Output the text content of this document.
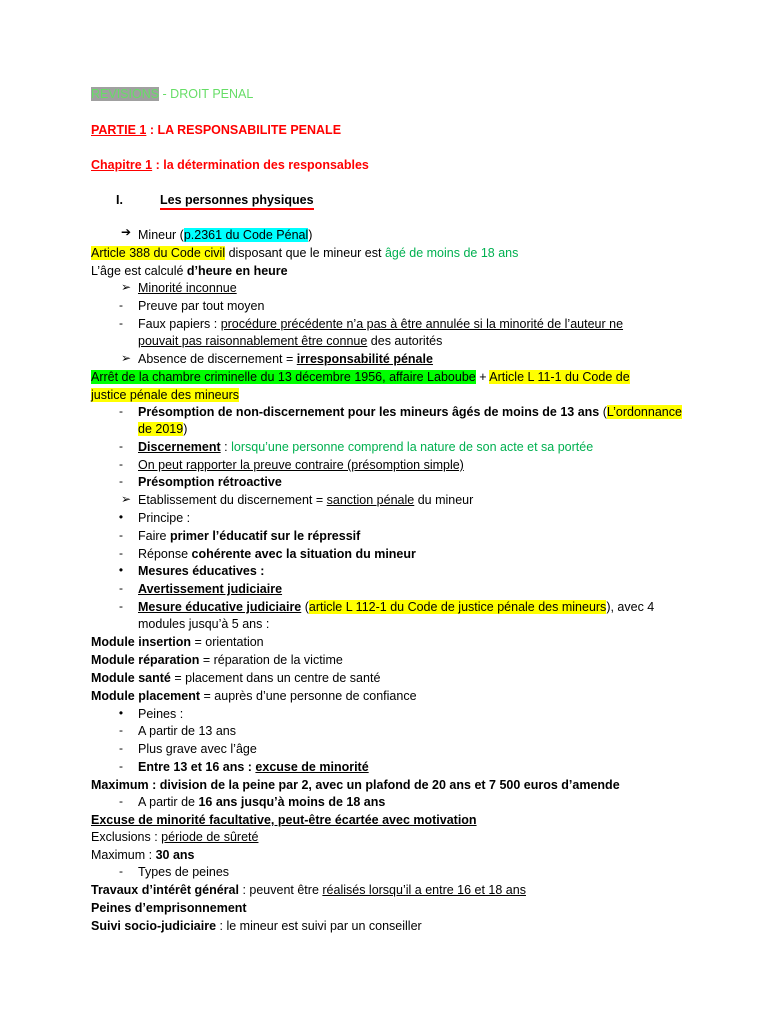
REVISIONS - DROIT PENAL
PARTIE 1 : LA RESPONSABILITE PENALE
Chapitre 1 : la détermination des responsables
I.	Les personnes physiques
➔ Mineur (p.2361 du Code Pénal)
Article 388 du Code civil disposant que le mineur est âgé de moins de 18 ans
L’âge est calculé d’heure en heure
➢ Minorité inconnue
-	Preuve par tout moyen
-	Faux papiers : procédure précédente n’a pas à être annulée si la minorité de l’auteur ne
pouvait pas raisonnablement être connue des autorités
➢ Absence de discernement = irresponsabilité pénale
Arrêt de la chambre criminelle du 13 décembre 1956, affaire Laboube + Article L 11-1 du Code de
justice pénale des mineurs
-	Présomption de non-discernement pour les mineurs âgés de moins de 13 ans (L’ordonnance
de 2019)
-	Discernement : lorsqu’une personne comprend la nature de son acte et sa portée
-	On peut rapporter la preuve contraire (présomption simple)
-	Présomption rétroactive
➢ Etablissement du discernement = sanction pénale du mineur
•	Principe :
-	Faire primer l’éducatif sur le répressif
-	Réponse cohérente avec la situation du mineur
•	Mesures éducatives :
-	Avertissement judiciaire
-	Mesure éducative judiciaire (article L 112-1 du Code de justice pénale des mineurs), avec 4
modules jusqu’à 5 ans :
Module insertion = orientation
Module réparation = réparation de la victime
Module santé = placement dans un centre de santé
Module placement = auprès d’une personne de confiance
•	Peines :
-	A partir de 13 ans
-	Plus grave avec l’âge
-	Entre 13 et 16 ans : excuse de minorité
Maximum : division de la peine par 2, avec un plafond de 20 ans et 7 500 euros d’amende
-	A partir de 16 ans jusqu’à moins de 18 ans
Excuse de minorité facultative, peut-être écartée avec motivation
Exclusions : période de sûreté
Maximum : 30 ans
-	Types de peines
Travaux d’intérêt général : peuvent être réalisés lorsqu’il a entre 16 et 18 ans
Peines d’emprisonnement
Suivi socio-judiciaire : le mineur est suivi par un conseiller
